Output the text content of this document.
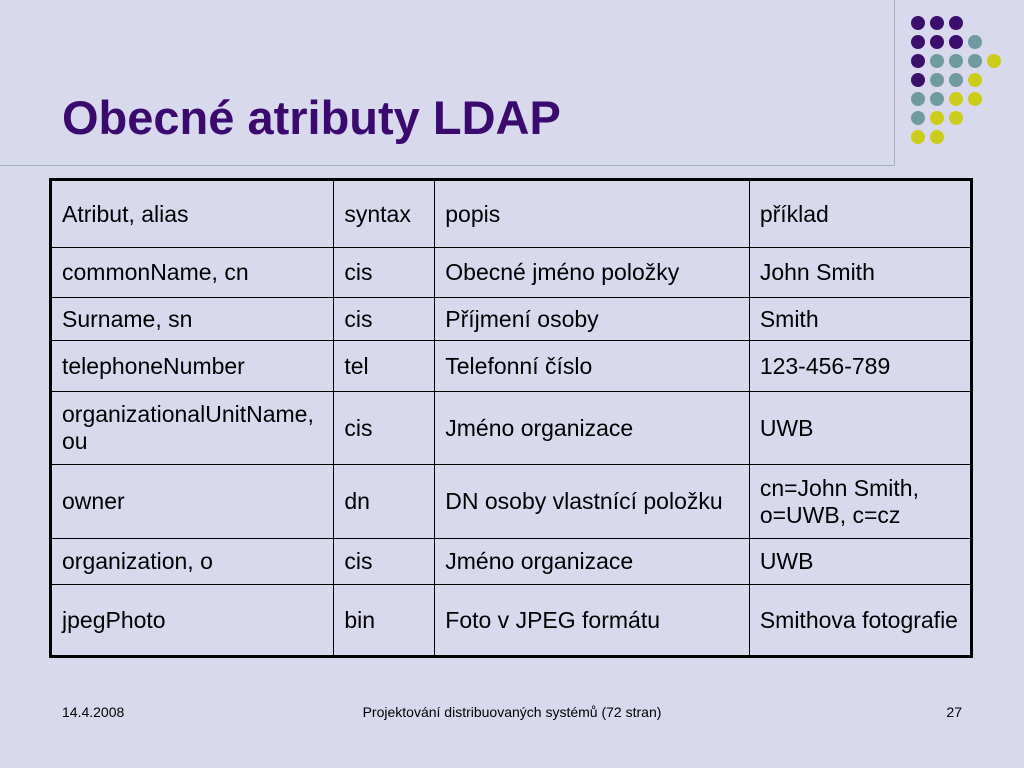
Obecné atributy LDAP
Atribut, alias	syntax	popis	příklad
commonName, cn	cis	Obecné jméno položky	John Smith
Surname, sn	cis	Příjmení osoby	Smith
telephoneNumber	tel	Telefonní číslo	123-456-789
organizationalUnitName, ou	cis	Jméno organizace	UWB
owner	dn	DN osoby vlastnící položku	cn=John Smith, o=UWB, c=cz
organization, o	cis	Jméno organizace	UWB
jpegPhoto	bin	Foto v JPEG formátu	Smithova fotografie
14.4.2008	Projektování distribuovaných systémů (72 stran)	27
